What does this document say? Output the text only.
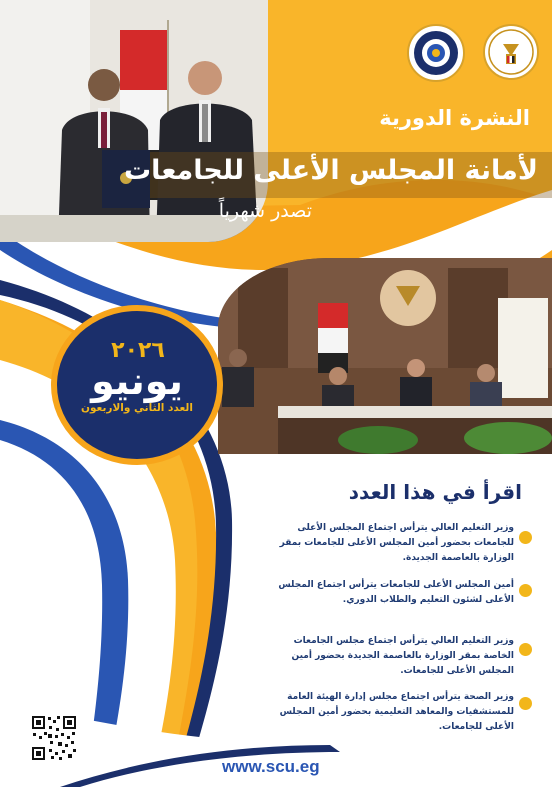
النشرة الدورية
لأمانة المجلس الأعلى للجامعات
تصدر شهرياً
٢٠٢٦
يونيو
العدد الثاني والاربعون
اقرأ في هذا العدد
وزير التعليم العالي يترأس اجتماع المجلس الأعلى للجامعات بحضور أمين المجلس الأعلى للجامعات بمقر الوزارة بالعاصمة الجديدة.
أمين المجلس الأعلى للجامعات يترأس اجتماع المجلس الأعلى لشئون التعليم والطلاب الدوري.
وزير التعليم العالي يترأس اجتماع مجلس الجامعات الخاصة بمقر الوزارة بالعاصمة الجديدة بحضور أمين المجلس الأعلى للجامعات.
وزير الصحة يترأس اجتماع مجلس إدارة الهيئة العامة للمستشفيات والمعاهد التعليمية بحضور أمين المجلس الأعلى للجامعات.
www.scu.eg
